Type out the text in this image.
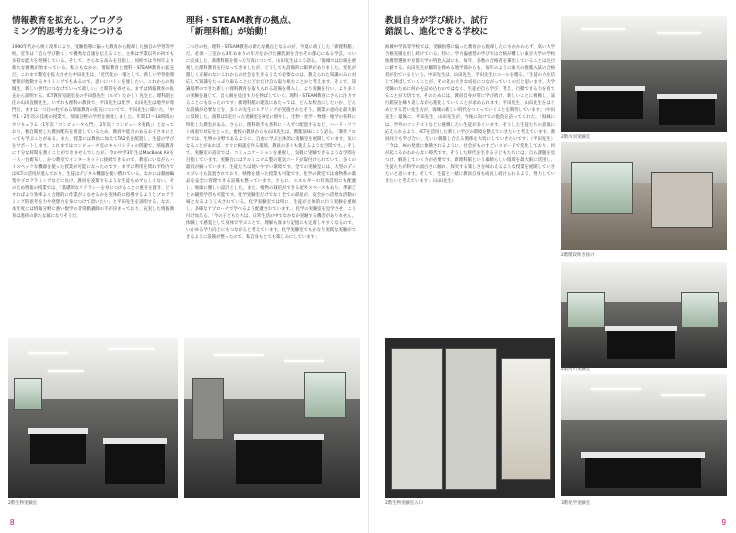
情報教育を拡充し、プログラ
ミング的思考力を身につける

1990年代から统く改革により、受験指導に偏った教育から脱却した独自の学習等学校。近年は「自ら学び動く」で優秀な自適を伝えること、主体は学業以外の回でも多彩な能力を発揮している。そして、さらなる高みを目指し、同校では今何年より新たな挑戦が始まっている。私立もなかの、情報教育と理科・STEAM教育の拡充だ。これまで教室を拡大させた中田先生は、「近代化の一環として、新しい学習指導要領が始動するタイミングでもあるので、思いにバトンを渡したい。これからの海城生、新しい世代につなげていって欲しい」と期待を寄せる。まずは情報教育の拡充から説明する。ICT教育室副室長の平田悠先生（ルビ）たかし）先生と、理科副主任の山田直樹先生。いずれも理科の教員で、平田先生は化学、山田先生は地学が専門だ。ますは一つ目の柱である情報教育の拡充についてで、平田先生に聞いた。「中学1・2年次の技術の授業で、情報分野の学習を強化しました。年間17〜18時間のカリキュラム（1年次「コンピュータ入門」、2年次「コンピュータ実践」）となっており、独自開発した教員配布を用意しているため、教員や能力のあるお子さまにとっても学ぶことがある。また、授業には教員に加えてTA2名を配置し、生徒の学びをサポートします。これまではコンピュータ室のキャパシティの問題で、情報教育に十分な時間を割くことができませんでしたが、今の中学3年生はMacBook Airを一人一台配布し、かつ教室でインターネットに接続できるので、教室にいながらハイスペックな機器を使った授業が可能になったのです」まずに利用を問わず校内ではICTの活用が進んでおり、生徒はデジタル機器を使い慣れている。なかには動画編集やプログラミングなどに長け、教員を凌駕するような生徒もめずらしくない。そのため情報の授業では、「基礎的なリテラシーを身につけることに重きを置き、どうすればより効率よく合理的に作業がこなせるかを実体的に指導するようとプログラミング的思考を力や発想力を身につけて頂いたい」と平田先生を説明する。なお、本年度には情報分野に強い数学の非常勤講師の手が決まっており、充実した情報教育は進捗の新たな幕になりそうだ。

理科・STEAM教育の拠点、
「新理科館」が始動！

二つ目の柱、理科・STEAM教育の新たな拠点となるのが、今夏に竣工した「新理科館」だ。必須・三室から3年あまりの年月をかけた鍾乳洞を含むその都心にある学芸。ついに完成した、新理科館を使った写真について、山田先生はこう語る。「海城では伝統を重視した理科教育を行なってきましたが、どうしても設備的に限界がありました。変化が激しく正解のないこれからの社会を生きるうえで必要なのは、教えられた知識のみに対応して知識をたっぷり取ることにどれだけ自ら取り組むことかと考えます。そこで、知識基準のできた新しい理科教育を取り入れる設備を導入し、より実験を行い、より多くの実験を通じて、自ら解を見出す力を伸ばしていく。理科・STEAM教育にさらに注力することにもなったのです」新理科館の建設にあたっては、どんな校舎にしたいか、どんな設備が必要などを、多くの先生にヒアリングが実施されたそう。開業の意向を最大限に反映した。演算は5室だった実験室を9室に増やし、生物・化学・物理・地学の各科に特化した教室がある。さらに、理科助手も各科に一人ずつ配置するなど、ハード・ソフト両面で対応をとった。他校の教員からも山田先生は、興奮気味にこう語る。「制作フロアでは、生物の分野であるように、自由に学ぶ主体的に実験室を展開しています。気になることがあれば、すぐに相談を作る環境、教員の多くも使えるような空間です。」そして、実験室の設計では、コミュニケーションを重視し、気軽に実験できるような空間を目指しています。実験台にはアルミニウム製の電気コードが取付けられていて、多くの器具が揃っています。生徒たちは使いやすい環境です。全ての実験室には、大型のディスプレイも設置されており、映像を使った授業も可能です。化学の教室では毒物系の薬品を安全に管理できる設備も整っています。さらに、エネルギーの有効活用にも配慮し、地球に優しい設計とした。また、植物の栽培ができる屋外スペースもあり、季節ごとの観察学習も可能です。化学実験室だけでなく全ての部屋が、安全かつ活発な活動の場となるよう工夫されている。化学実験室では特に、生徒が主体的に行う実験を重視し、多様なアプローチで学べるよう配慮されています。」化学の実験室を見学させ、こう付け加える。「今の子どもたちは、日常生活の中でなかなか実験する機会がありません。体験して感覚として身体で学ぶことで、理解も深まり記憶にも定着しやすくなるので、いかゆる学力向上にもつながると考えています。化学実験室でもかなり実践な実験ができるように設備が整ったので、私自身もとても楽しみにしています」

2階生物実験室
8
教員自身が学び続け、試行
錯誤し、進化できる学校に

海城中学高等学校では、受験指導に偏った教育から脱却したにもかかわらず、高い大学合格実績を出し続けている。特に、学力偏重型の学びでは合格が難しい東京大学の学校推薦型選抜や京都大学の特色入試にも、毎年、多数の合格者を輩出していることは注目に値する。山田先生が顧問を務める地学部からも、毎年のように東大の推薦入試の合格者が出ているという。中田先生は、山田先生、平田先生にエールを贈る。「生徒の力を信じて伸ばしていくことが、その先の大きな成長につながっていくのだと思います。大学受験のために何かを詰め込むのではなく、生徒が自ら学び、考え、行動できる力を育てることが大切です。そのためには、教員自身が常に学び続け、新しいことに挑戦し、試行錯誤を繰り返しながら進化していくことが求められます。平田先生、山田先生をはじめとする若い先生方が、海城の新しい時代をつくっていくことを期待しています」（中田先生）最後に、平田先生、山田先生が、今後に向けての抱負を語ってくれた。「海城には、学外のコンテストなどに挑戦したい生徒が多くいます。そうした生徒たちの意欲に応えられるよう、ICTを活用した新しい学びの環境を整えていきたいと考えています。教員同士も学び合い、互いに刺激し合える関係を大切にしていきたいです」（平田先生）「今は、AIの発達に象徴されるように、社会がものすごいスピードで変化しており、何が起こるかわからない時代です。そうした時代を生きる子どもたちには、自ら課題を見つけ、解決していく力が必要です。新理科館という素晴らしい環境を最大限に活用し、生徒たちが科学の面白さに触れ、探究する楽しさを味わえるような授業を展開していきたいと思います。そして、生徒と一緒に教員自身も成長し続けられるよう、努力していきたいと考えています」（山田先生）

2階川河実験室
2階階段吹き抜け
2階河川実験室
3階化学実験室
2階生物実験室入口
9
